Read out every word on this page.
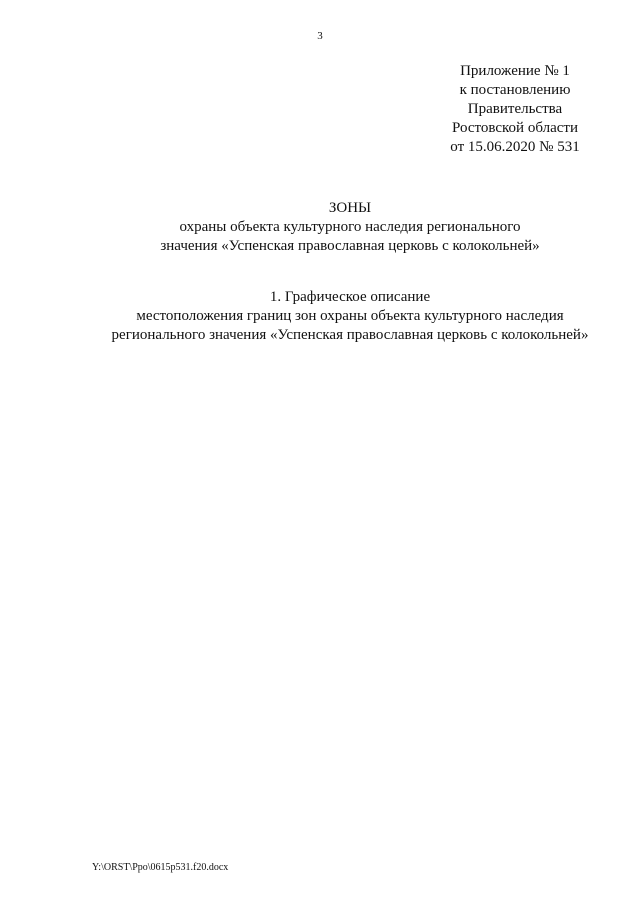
3
Приложение № 1
к постановлению
Правительства
Ростовской области
от 15.06.2020 № 531
ЗОНЫ
охраны объекта культурного наследия регионального
значения «Успенская православная церковь с колокольней»
1. Графическое описание
местоположения границ зон охраны объекта культурного наследия
регионального значения «Успенская православная церковь с колокольней»
Y:\ORST\Ppo\0615p531.f20.docx
